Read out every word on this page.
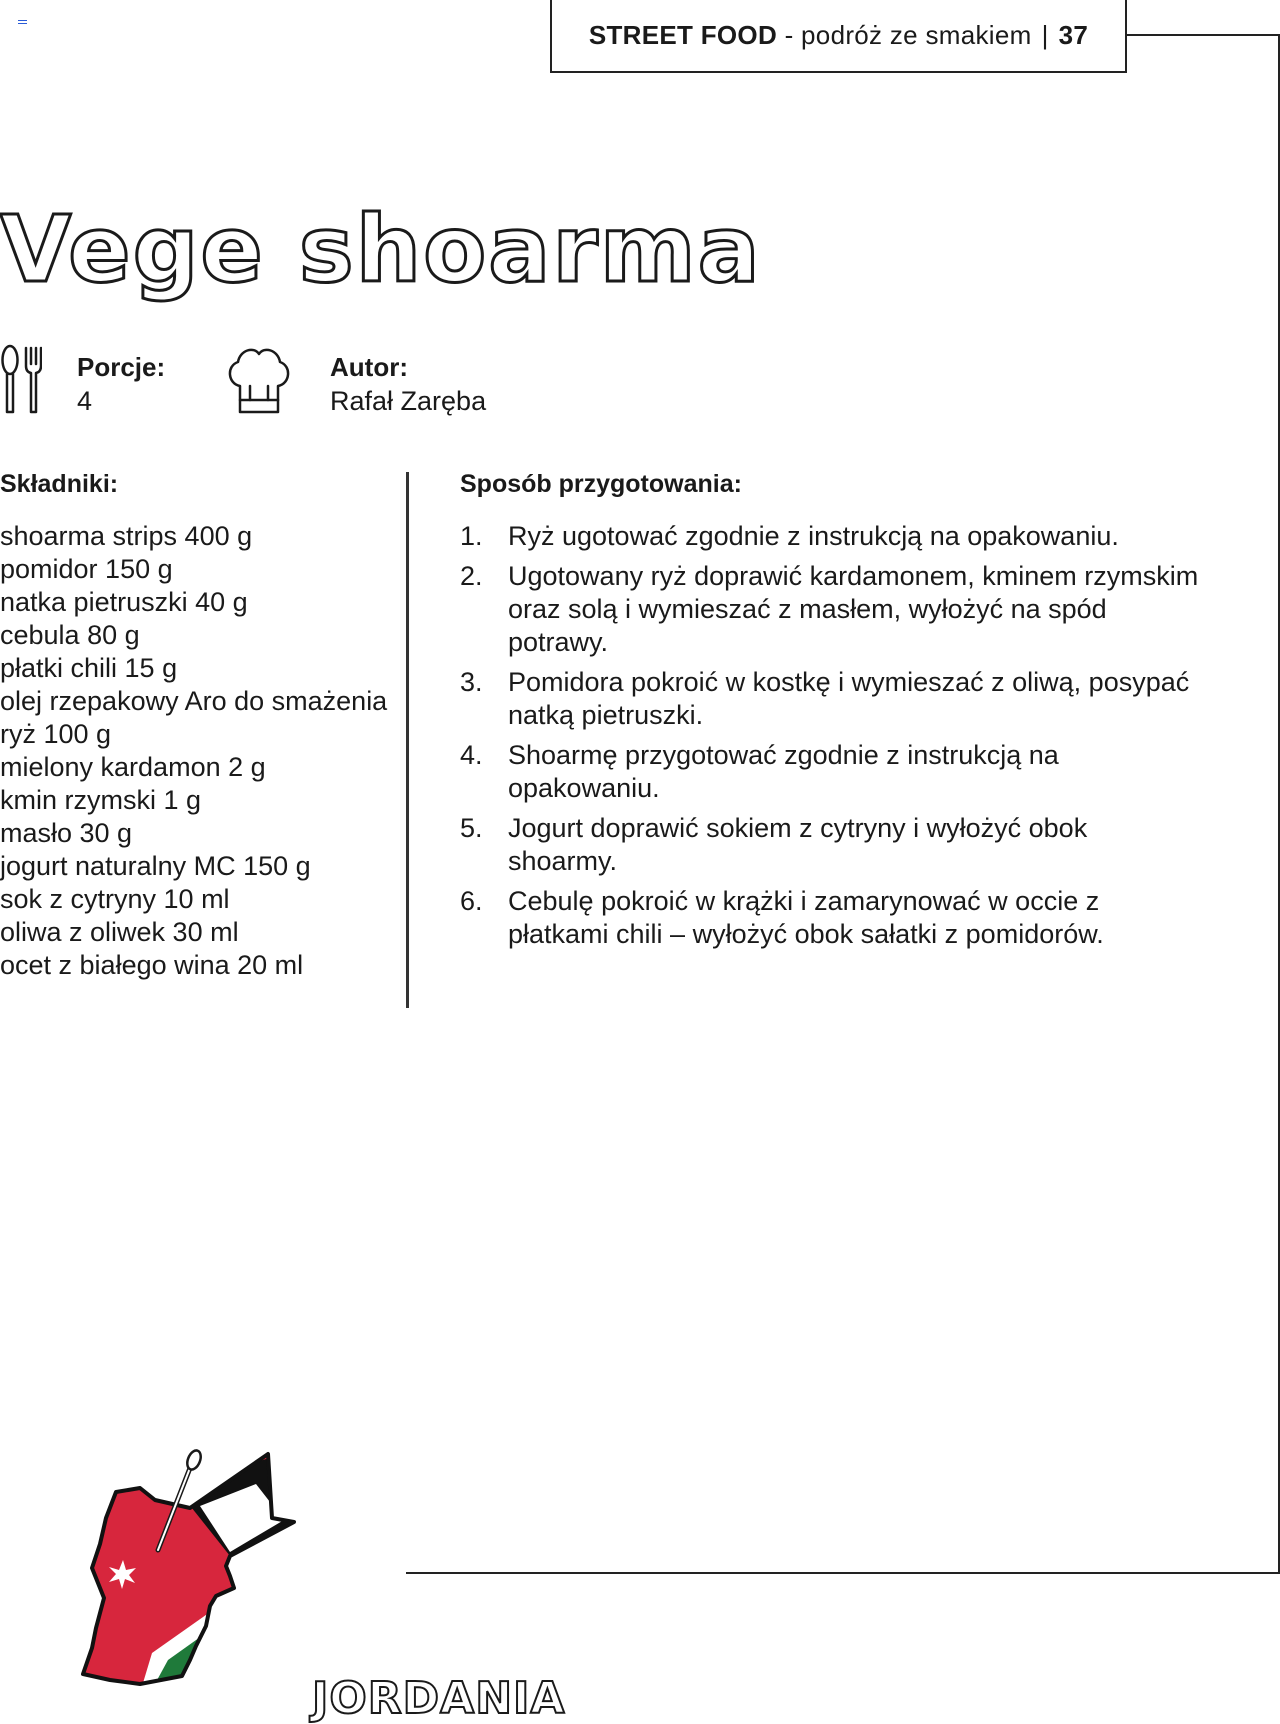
STREET FOOD
- podróż ze smakiem | 37
Vege shoarma
Porcje:
4
Autor:
Rafał Zaręba
Składniki:
shoarma strips 400 g
pomidor 150 g
natka pietruszki 40 g
cebula 80 g
płatki chili 15 g
olej rzepakowy Aro do smażenia
ryż 100 g
mielony kardamon 2 g
kmin rzymski 1 g
masło 30 g
jogurt naturalny MC 150 g
sok z cytryny 10 ml
oliwa z oliwek 30 ml
ocet z białego wina 20 ml
Sposób przygotowania:
1. Ryż ugotować zgodnie z instrukcją na opakowaniu.
2. Ugotowany ryż doprawić kardamonem, kminem rzymskim oraz solą i wymieszać z masłem, wyłożyć na spód potrawy.
3. Pomidora pokroić w kostkę i wymieszać z oliwą, posypać natką pietruszki.
4. Shoarmę przygotować zgodnie z instrukcją na opakowaniu.
5. Jogurt doprawić sokiem z cytryny i wyłożyć obok shoarmy.
6. Cebulę pokroić w krążki i zamarynować w occie z płatkami chili – wyłożyć obok sałatki z pomidorów.
JORDANIA
